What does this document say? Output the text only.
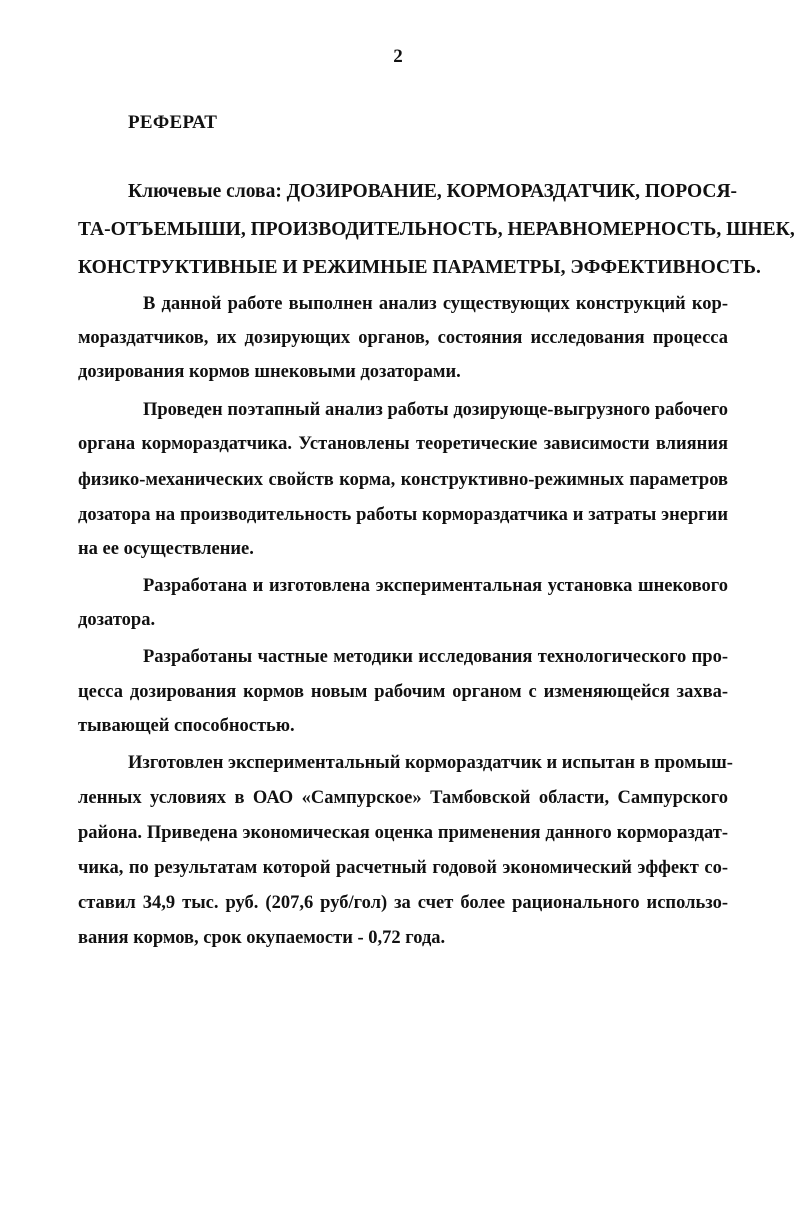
2
РЕФЕРАТ
Ключевые слова: ДОЗИРОВАНИЕ, КОРМОРАЗДАТЧИК, ПОРОСЯ-
ТА-ОТЪЕМЫШИ, ПРОИЗВОДИТЕЛЬНОСТЬ, НЕРАВНОМЕРНОСТЬ, ШНЕК,
КОНСТРУКТИВНЫЕ И РЕЖИМНЫЕ ПАРАМЕТРЫ, ЭФФЕКТИВНОСТЬ.
В данной работе выполнен анализ существующих конструкций кор-
мораздатчиков, их дозирующих органов, состояния исследования процесса
дозирования кормов шнековыми дозаторами.
Проведен поэтапный анализ работы дозирующе-выгрузного рабочего
органа кормораздатчика. Установлены теоретические зависимости влияния
физико-механических свойств корма, конструктивно-режимных параметров
дозатора на производительность работы кормораздатчика и затраты энергии
на ее осуществление.
Разработана и изготовлена экспериментальная установка шнекового
дозатора.
Разработаны частные методики исследования технологического про-
цесса дозирования кормов новым рабочим органом с изменяющейся захва-
тывающей способностью.
Изготовлен экспериментальный кормораздатчик и испытан в промыш-
ленных условиях в ОАО «Сампурское» Тамбовской области, Сампурского
района. Приведена экономическая оценка применения данного кормораздат-
чика, по результатам которой расчетный годовой экономический эффект со-
ставил 34,9 тыс. руб. (207,6 руб/гол) за счет более рационального использо-
вания кормов, срок окупаемости - 0,72 года.
